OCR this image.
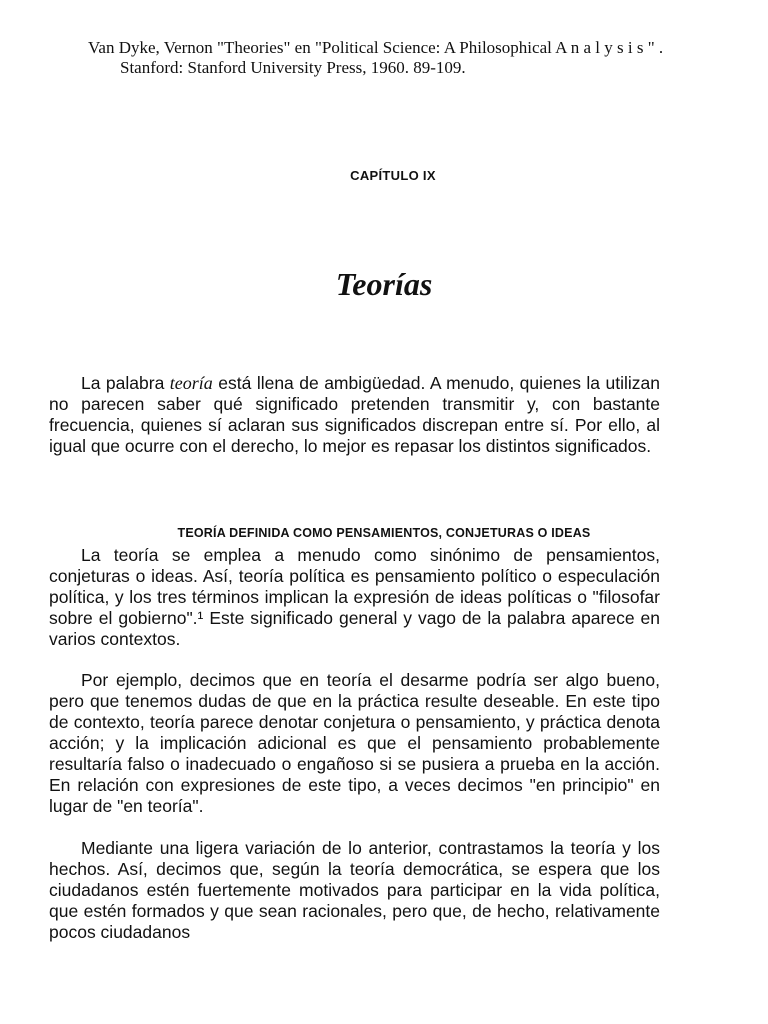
Van Dyke, Vernon "Theories" en "Political Science: A Philosophical A n a l y s i s " . Stanford: Stanford University Press, 1960. 89-109.
CAPÍTULO IX
Teorías

La palabra teoría está llena de ambigüedad. A menudo, quienes la utilizan no parecen saber qué significado pretenden transmitir y, con bastante frecuencia, quienes sí aclaran sus significados discrepan entre sí. Por ello, al igual que ocurre con el derecho, lo mejor es repasar los distintos significados.

TEORÍA DEFINIDA COMO PENSAMIENTOS, CONJETURAS O IDEAS

La teoría se emplea a menudo como sinónimo de pensamientos, conjeturas o ideas. Así, teoría política es pensamiento político o especulación política, y los tres términos implican la expresión de ideas políticas o "filosofar sobre el gobierno".¹ Este significado general y vago de la palabra aparece en varios contextos.

Por ejemplo, decimos que en teoría el desarme podría ser algo bueno, pero que tenemos dudas de que en la práctica resulte deseable. En este tipo de contexto, teoría parece denotar conjetura o pensamiento, y práctica denota acción; y la implicación adicional es que el pensamiento probablemente resultaría falso o inadecuado o engañoso si se pusiera a prueba en la acción. En relación con expresiones de este tipo, a veces decimos "en principio" en lugar de "en teoría".

Mediante una ligera variación de lo anterior, contrastamos la teoría y los hechos. Así, decimos que, según la teoría democrática, se espera que los ciudadanos estén fuertemente motivados para participar en la vida política, que estén formados y que sean racionales, pero que, de hecho, relativamente pocos ciudadanos
